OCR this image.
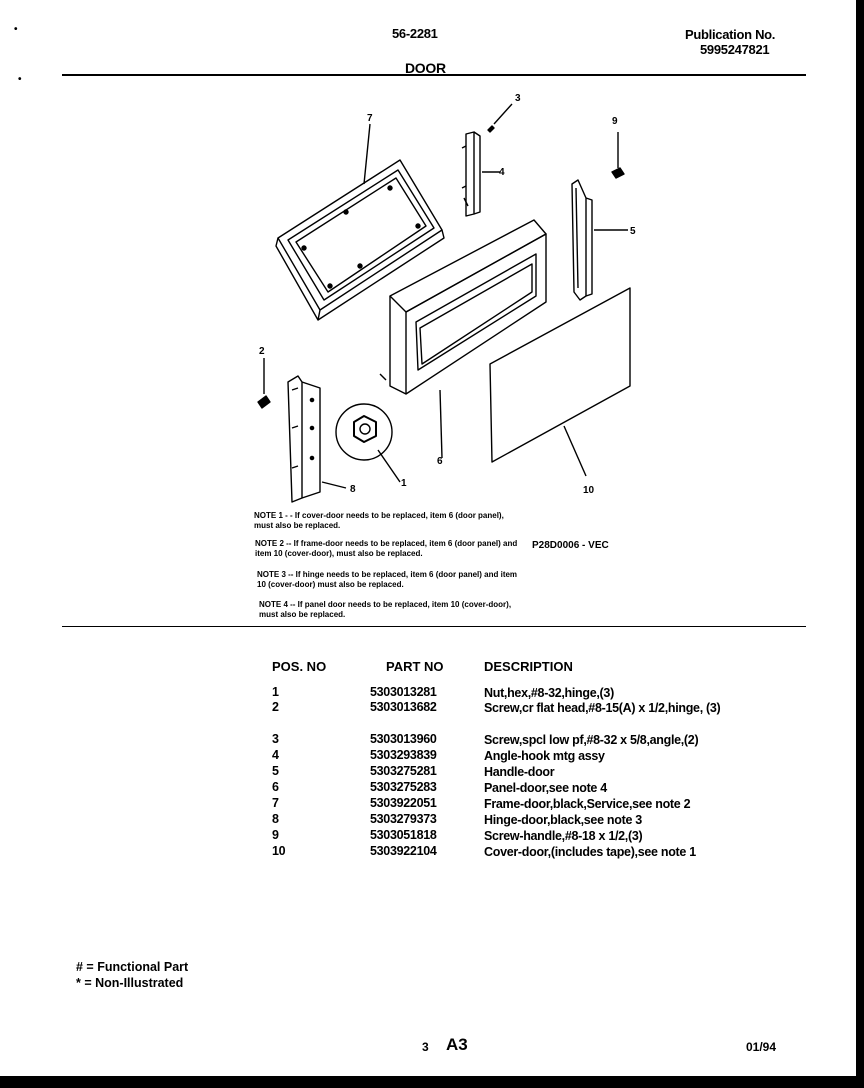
•
•
56-2281	Publication No.
5995247821
DOOR
7
3
4
9
5
2
6
8
1
10
NOTE 1 - - If cover-door needs to be replaced, item 6 (door panel), must also be replaced.
NOTE 2 -- If frame-door needs to be replaced, item 6 (door panel) and item 10 (cover-door), must also be replaced.
NOTE 3 -- If hinge needs to be replaced, item 6 (door panel) and item 10 (cover-door) must also be replaced.
NOTE 4 -- If panel door needs to be replaced, item 10 (cover-door), must also be replaced.
P28D0006 - VEC
POS. NO	PART NO	DESCRIPTION
1	5303013281	Nut,hex,#8-32,hinge,(3)
2	5303013682	Screw,cr flat head,#8-15(A) x 1/2,hinge, (3)
3	5303013960	Screw,spcl low pf,#8-32 x 5/8,angle,(2)
4	5303293839	Angle-hook mtg assy
5	5303275281	Handle-door
6	5303275283	Panel-door,see note 4
7	5303922051	Frame-door,black,Service,see note 2
8	5303279373	Hinge-door,black,see note 3
9	5303051818	Screw-handle,#8-18 x 1/2,(3)
10	5303922104	Cover-door,(includes tape),see note 1
# = Functional Part
* = Non-Illustrated
3 A3	01/94
